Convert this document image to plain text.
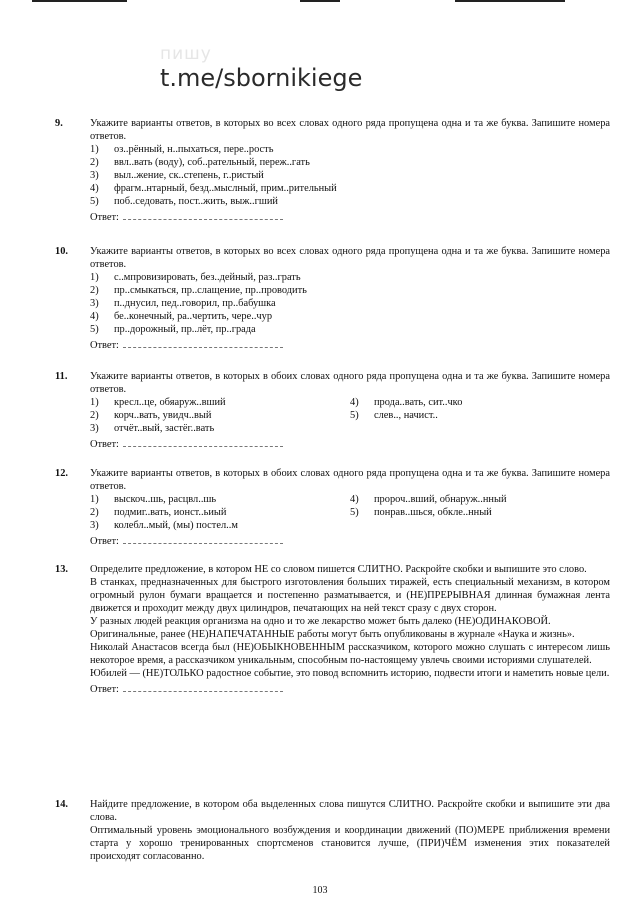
пишу
t.me/sbornikiege
9.	Укажите варианты ответов, в которых во всех словах одного ряда пропущена одна и та же буква. Запишите номера ответов.

1)	оз..рённый, н..пыхаться, пере..рость
2)	ввл..вать (воду), соб..рательный, переж..гать
3)	выл..жение, ск..степень, г..ристый
4)	фрагм..нтарный, безд..мыслный, прим..рительный
5)	поб..седовать, пост..жить, выж..гший
Ответ:
10.	Укажите варианты ответов, в которых во всех словах одного ряда пропущена одна и та же буква. Запишите номера ответов.

1)	с..мпровизировать, без..дейный, раз..грать
2)	пр..смыкаться, пр..слащение, пр..проводить
3)	п..днусил, пед..говорил, пр..бабушка
4)	бе..конечный, ра..чертить, чере..чур
5)	пр..дорожный, пр..лёт, пр..града
Ответ:
11.	Укажите варианты ответов, в которых в обоих словах одного ряда пропущена одна и та же буква. Запишите номера ответов.

1)	кресл..це, обяаруж..вший
2)	корч..вать, увидч..вый
3)	отчёт..вый, застёг..вать
4)	прода..вать, сит..чко
5)	слев.., начист..
Ответ:
12.	Укажите варианты ответов, в которых в обоих словах одного ряда пропущена одна и та же буква. Запишите номера ответов.

1)	выскоч..шь, расцвл..шь
2)	подмиг..вать, ионст..ьиый
3)	колебл..мый, (мы) постел..м
4)	пророч..вший, обнаруж..нный
5)	понрав..шься, обкле..нный
Ответ:
13.	Определите предложение, в котором НЕ со словом пишется СЛИТНО. Раскройте скобки и выпишите это слово.

В станках, предназначенных для быстрого изготовления больших тиражей, есть специальный механизм, в котором огромный рулон бумаги вращается и постепенно разматывается, и (НЕ)ПРЕРЫВНАЯ длинная бумажная лента движется и проходит между двух цилиндров, печатающих на ней текст сразу с двух сторон.

У разных людей реакция организма на одно и то же лекарство может быть далеко (НЕ)ОДИНАКОВОЙ.

Оригинальные, ранее (НЕ)НАПЕЧАТАННЫЕ работы могут быть опубликованы в журнале «Наука и жизнь».

Николай Анастасов всегда был (НЕ)ОБЫКНОВЕННЫМ рассказчиком, которого можно слушать с интересом лишь некоторое время, а рассказчиком уникальным, способным по-настоящему увлечь своими историями слушателей.

Юбилей — (НЕ)ТОЛЬКО радостное событие, это повод вспомнить историю, подвести итоги и наметить новые цели.

Ответ:
14.	Найдите предложение, в котором оба выделенных слова пишутся СЛИТНО. Раскройте скобки и выпишите эти два слова.

Оптимальный уровень эмоционального возбуждения и координации движений (ПО)МЕРЕ приближения времени старта у хорошо тренированных спортсменов становится лучше, (ПРИ)ЧЁМ изменения этих показателей происходят согласованно.

103
